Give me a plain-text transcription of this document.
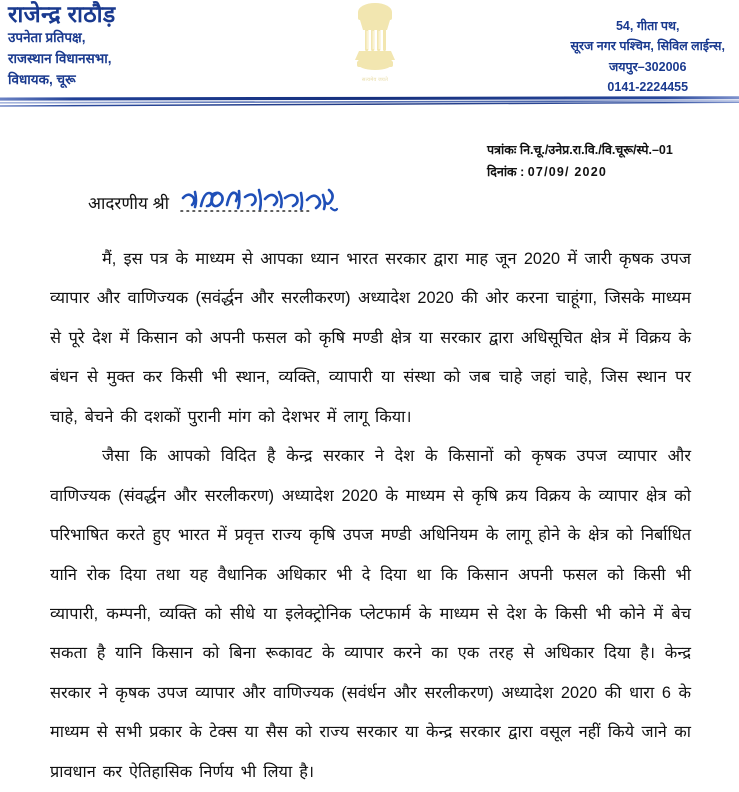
राजेन्द्र राठौड़
उपनेता प्रतिपक्ष,
राजस्थान विधानसभा,
विधायक, चूरू	सत्यमेव जयते
54, गीता पथ,
सूरज नगर पश्चिम, सिविल लाईन्स,
जयपुर–302006
0141-2224455
पत्रांकः नि.चू./उनेप्र.रा.वि./वि.चूरू/स्पे.–01
दिनांक : 07/09/ 2020
आदरणीय श्री

मैं, इस पत्र के माध्यम से आपका ध्यान भारत सरकार द्वारा माह जून 2020 में जारी कृषक उपज व्यापार और वाणिज्यक (सवंर्द्धन और सरलीकरण) अध्यादेश 2020 की ओर करना चाहूंगा, जिसके माध्यम से पूरे देश में किसान को अपनी फसल को कृषि मण्डी क्षेत्र या सरकार द्वारा अधिसूचित क्षेत्र में विक्रय के बंधन से मुक्त कर किसी भी स्थान, व्यक्ति, व्यापारी या संस्था को जब चाहे जहां चाहे, जिस स्थान पर चाहे, बेचने की दशकों पुरानी मांग को देशभर में लागू किया।

जैसा कि आपको विदित है केन्द्र सरकार ने देश के किसानों को कृषक उपज व्यापार और वाणिज्यक (संवर्द्धन और सरलीकरण) अध्यादेश 2020 के माध्यम से कृषि क्रय विक्रय के व्यापार क्षेत्र को परिभाषित करते हुए भारत में प्रवृत्त राज्य कृषि उपज मण्डी अधिनियम के लागू होने के क्षेत्र को निर्बाधित यानि रोक दिया तथा यह वैधानिक अधिकार भी दे दिया था कि किसान अपनी फसल को किसी भी व्यापारी, कम्पनी, व्यक्ति को सीधे या इलेक्ट्रोनिक प्लेटफार्म के माध्यम से देश के किसी भी कोने में बेच सकता है यानि किसान को बिना रूकावट के व्यापार करने का एक तरह से अधिकार दिया है। केन्द्र सरकार ने कृषक उपज व्यापार और वाणिज्यक (सवंर्धन और सरलीकरण) अध्यादेश 2020 की धारा 6 के माध्यम से सभी प्रकार के टेक्स या सैस को राज्य सरकार या केन्द्र सरकार द्वारा वसूल नहीं किये जाने का प्रावधान कर ऐतिहासिक निर्णय भी लिया है।
